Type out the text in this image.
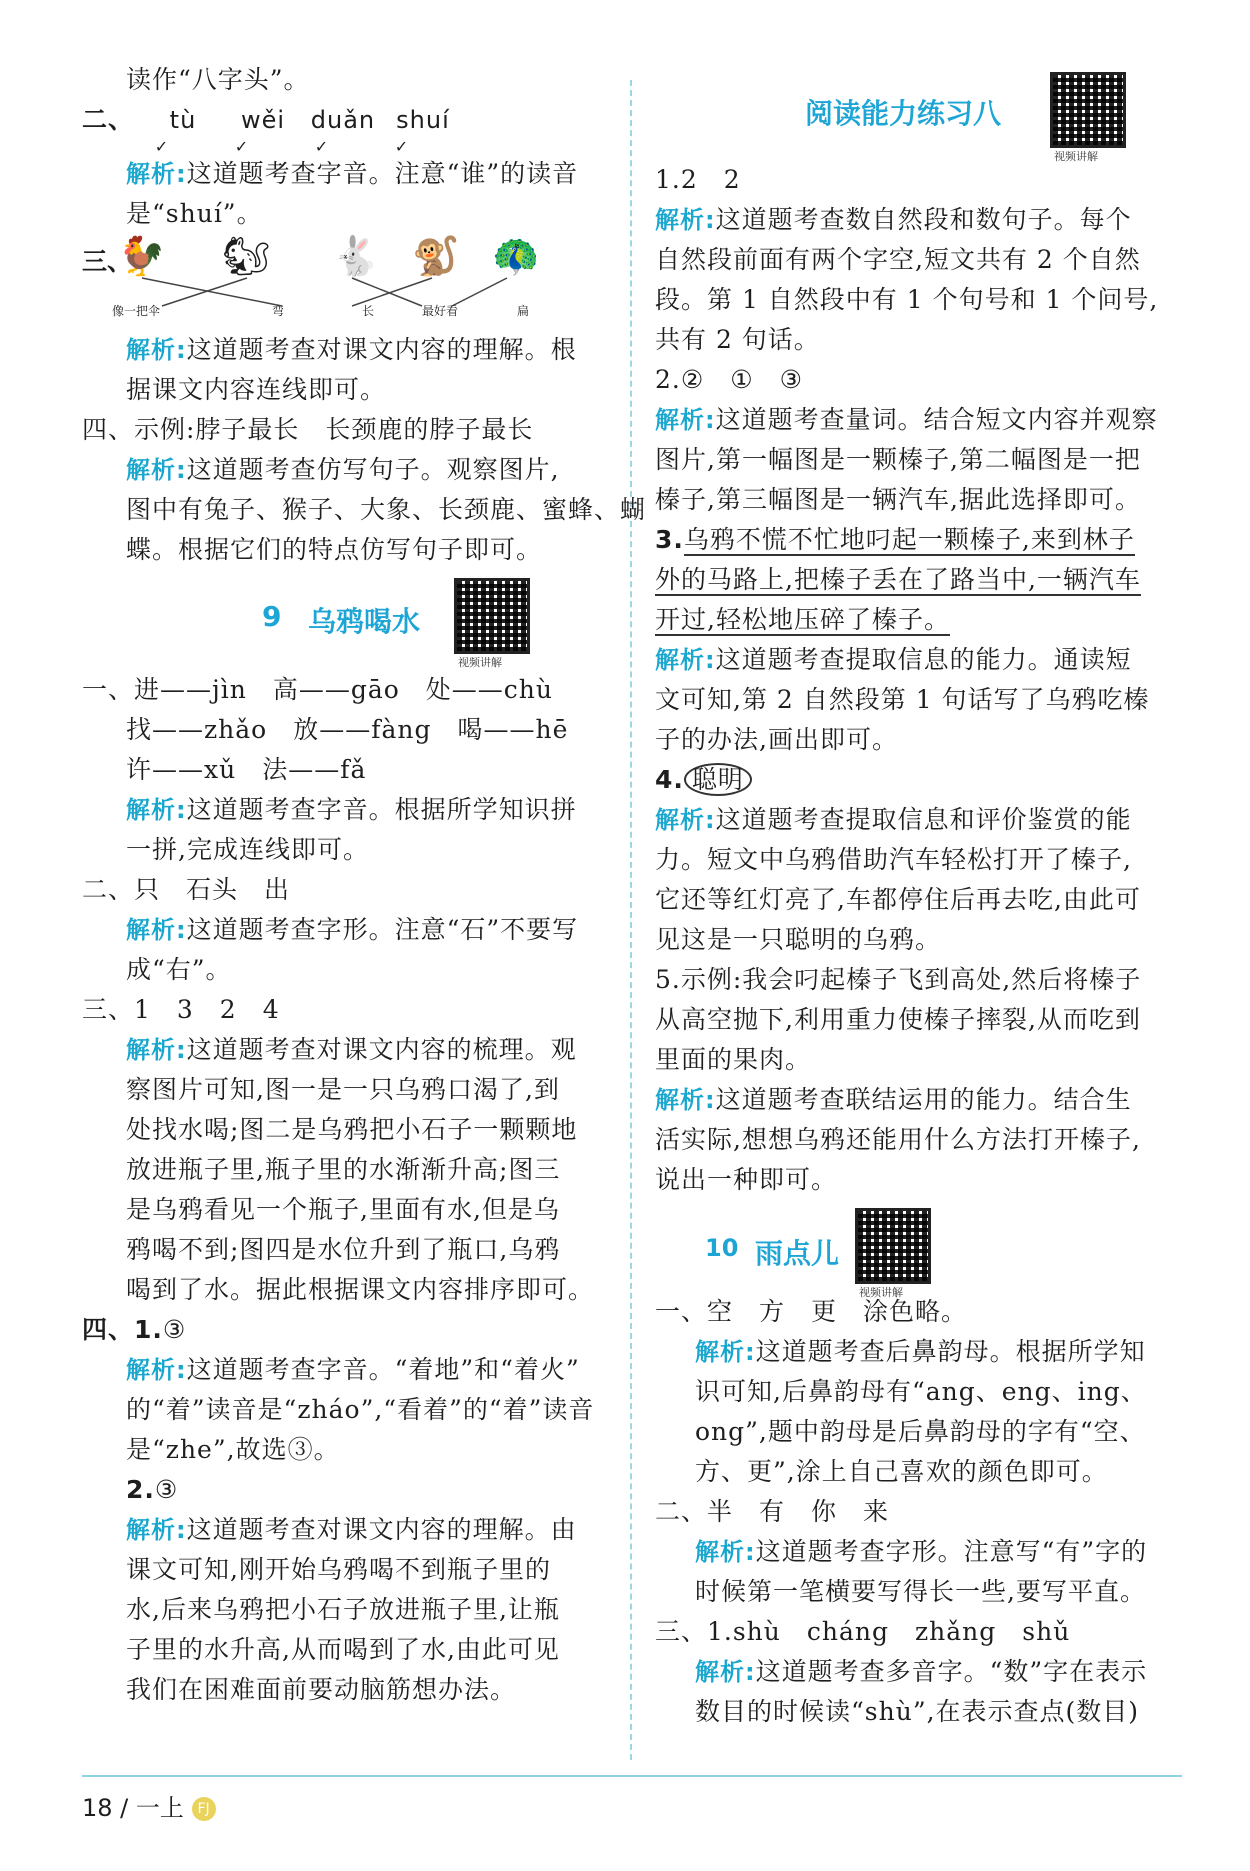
读作“八字头”。
二、 tù wěi duǎn shuí
✓	✓	✓	✓
解析:这道题考查字音。注意“谁”的读音
是“shuí”。
三、
🐓 🐿 🐇 🐒 🦚
像一把伞	弯	长	最好看	扁
解析:这道题考查对课文内容的理解。根
据课文内容连线即可。
四、示例:脖子最长　长颈鹿的脖子最长
解析:这道题考查仿写句子。观察图片,
图中有兔子、猴子、大象、长颈鹿、蜜蜂、蝴
蝶。根据它们的特点仿写句子即可。
9 乌鸦喝水
视频讲解
一、进——jìn　高——gāo　处——chù
找——zhǎo　放——fàng　喝——hē
许——xǔ　法——fǎ
解析:这道题考查字音。根据所学知识拼
一拼,完成连线即可。
二、只　石头　出
解析:这道题考查字形。注意“石”不要写
成“右”。
三、1　3　2　4
解析:这道题考查对课文内容的梳理。观
察图片可知,图一是一只乌鸦口渴了,到
处找水喝;图二是乌鸦把小石子一颗颗地
放进瓶子里,瓶子里的水渐渐升高;图三
是乌鸦看见一个瓶子,里面有水,但是乌
鸦喝不到;图四是水位升到了瓶口,乌鸦
喝到了水。据此根据课文内容排序即可。
四、1.③
解析:这道题考查字音。“着地”和“着火”
的“着”读音是“zháo”,“看着”的“着”读音
是“zhe”,故选③。
2.③
解析:这道题考查对课文内容的理解。由
课文可知,刚开始乌鸦喝不到瓶子里的
水,后来乌鸦把小石子放进瓶子里,让瓶
子里的水升高,从而喝到了水,由此可见
我们在困难面前要动脑筋想办法。
阅读能力练习八
视频讲解
1.2　2
解析:这道题考查数自然段和数句子。每个
自然段前面有两个字空,短文共有 2 个自然
段。第 1 自然段中有 1 个句号和 1 个问号,
共有 2 句话。
2.②　①　③
解析:这道题考查量词。结合短文内容并观察
图片,第一幅图是一颗榛子,第二幅图是一把
榛子,第三幅图是一辆汽车,据此选择即可。
3.乌鸦不慌不忙地叼起一颗榛子,来到林子
外的马路上,把榛子丢在了路当中,一辆汽车
开过,轻松地压碎了榛子。
解析:这道题考查提取信息的能力。通读短
文可知,第 2 自然段第 1 句话写了乌鸦吃榛
子的办法,画出即可。
4. 聪明
解析:这道题考查提取信息和评价鉴赏的能
力。短文中乌鸦借助汽车轻松打开了榛子,
它还等红灯亮了,车都停住后再去吃,由此可
见这是一只聪明的乌鸦。
5.示例:我会叼起榛子飞到高处,然后将榛子
从高空抛下,利用重力使榛子摔裂,从而吃到
里面的果肉。
解析:这道题考查联结运用的能力。结合生
活实际,想想乌鸦还能用什么方法打开榛子,
说出一种即可。
10 雨点儿
视频讲解
一、空　方　更　涂色略。
解析:这道题考查后鼻韵母。根据所学知
识可知,后鼻韵母有“ang、eng、ing、
ong”,题中韵母是后鼻韵母的字有“空、
方、更”,涂上自己喜欢的颜色即可。
二、半　有　你　来
解析:这道题考查字形。注意写“有”字的
时候第一笔横要写得长一些,要写平直。
三、1.shù　cháng　zhǎng　shǔ
解析:这道题考查多音字。“数”字在表示
数目的时候读“shù”,在表示查点(数目)
18 / 一上 FJ
